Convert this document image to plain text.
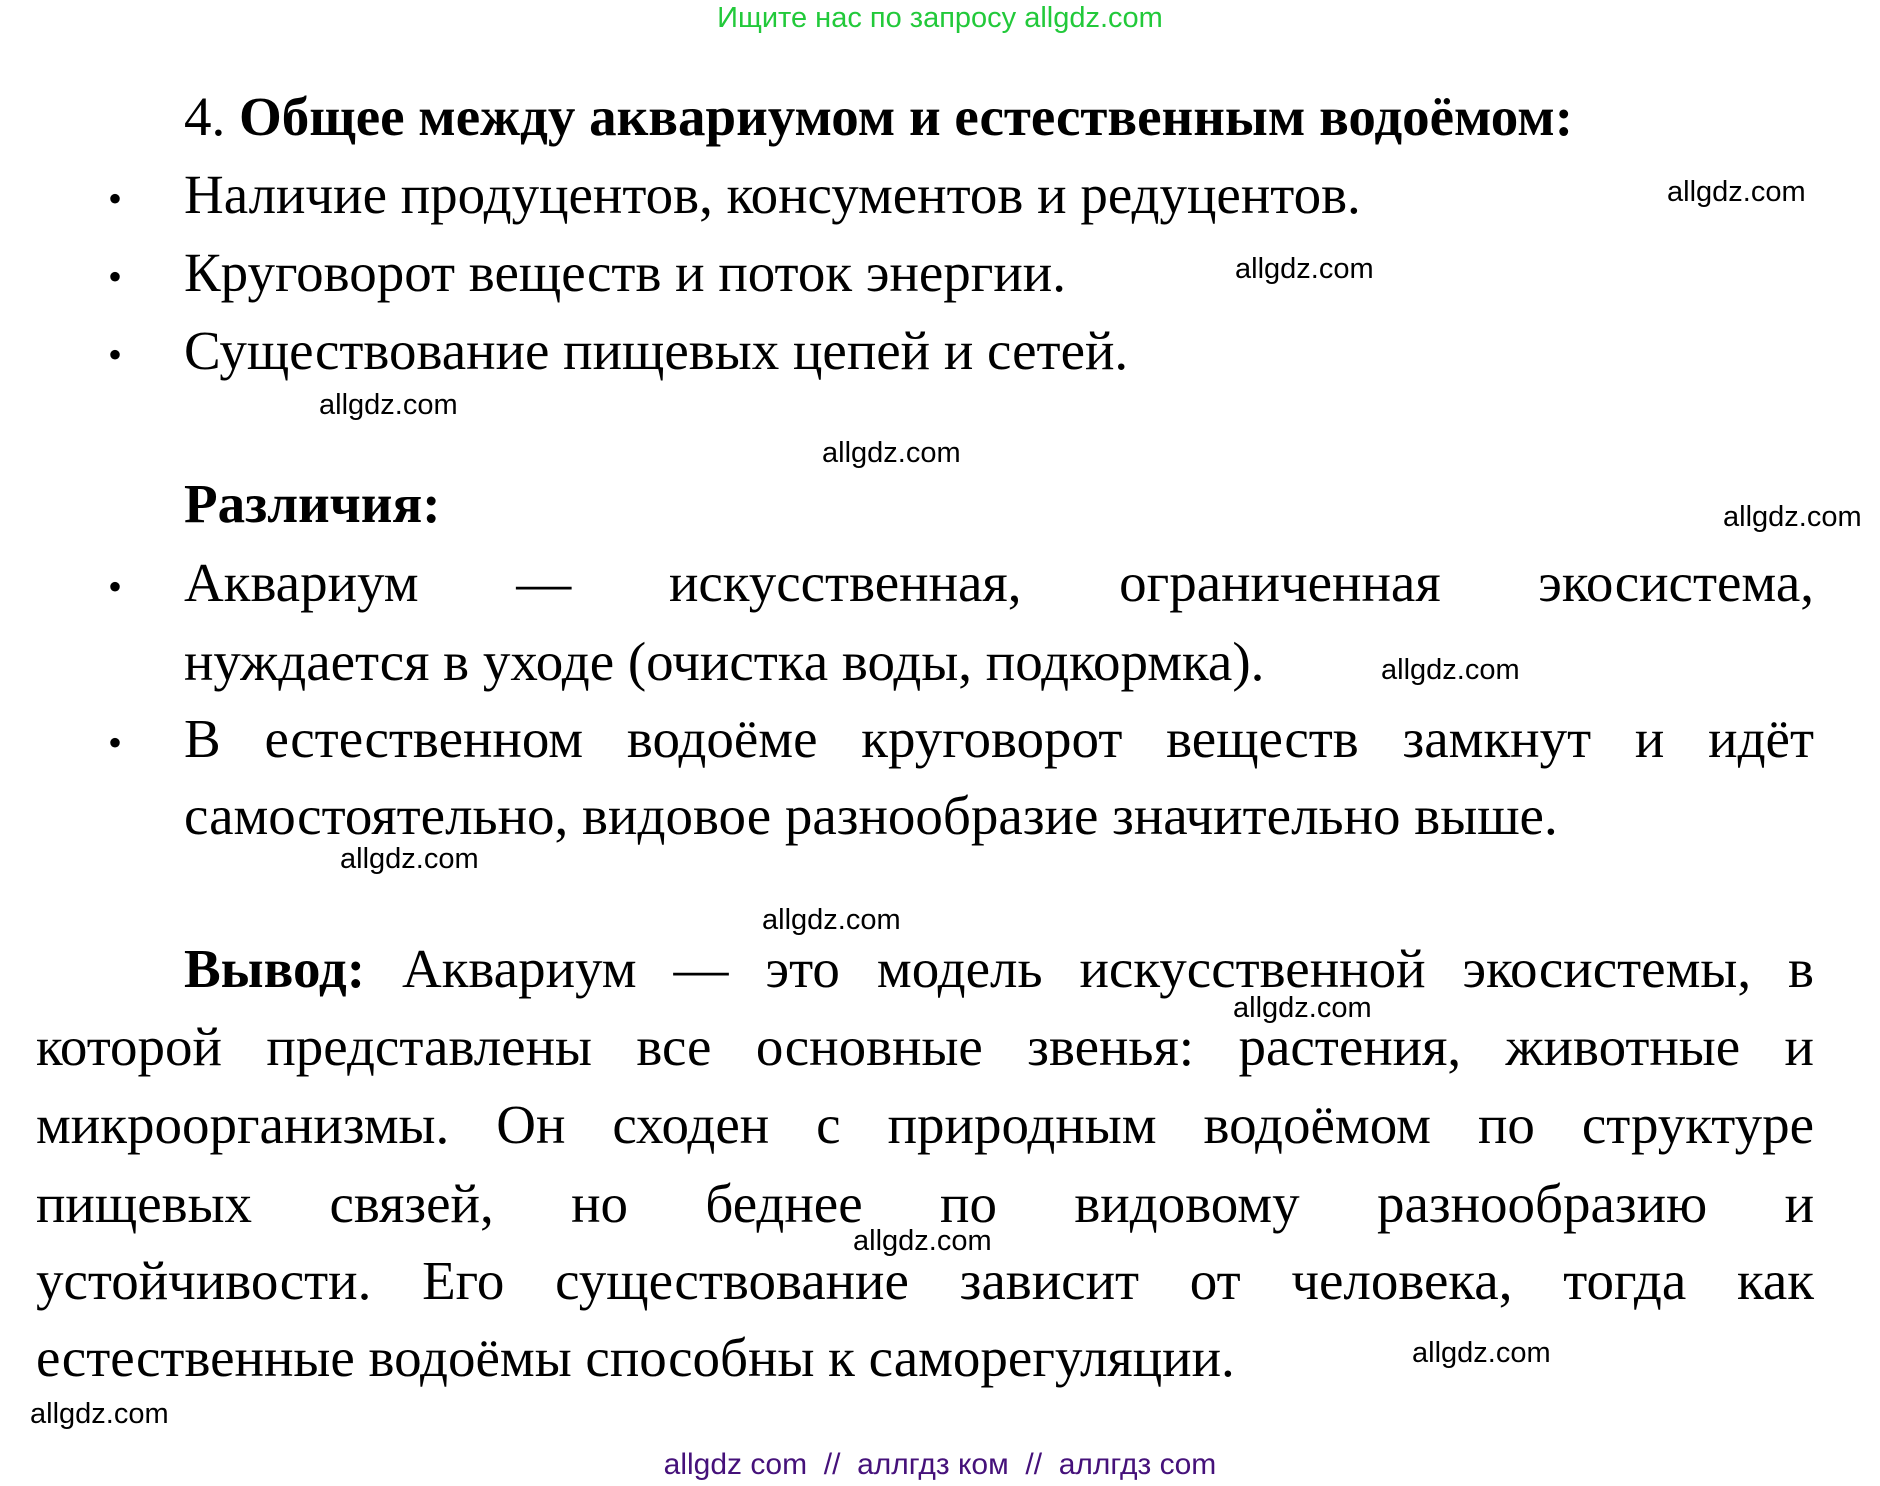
Ищите нас по запросу allgdz.com
4. Общее между аквариумом и естественным водоёмом:
• Наличие продуцентов, консументов и редуцентов.
• Круговорот веществ и поток энергии.
• Существование пищевых цепей и сетей.
Различия:
• Аквариум — искусственная, ограниченная экосистема,
нуждается в уходе (очистка воды, подкормка).
• В естественном водоёме круговорот веществ замкнут и идёт
самостоятельно, видовое разнообразие значительно выше.
Вывод: Аквариум — это модель искусственной экосистемы, в
которой представлены все основные звенья: растения, животные и
микроорганизмы. Он сходен с природным водоёмом по структуре
пищевых связей, но беднее по видовому разнообразию и
устойчивости. Его существование зависит от человека, тогда как
естественные водоёмы способны к саморегуляции.
allgdz.com
allgdz.com
allgdz.com
allgdz.com
allgdz.com
allgdz.com
allgdz.com
allgdz.com
allgdz.com
allgdz.com
allgdz.com
allgdz.com
allgdz com  //  аллгдз ком  //  аллгдз com
